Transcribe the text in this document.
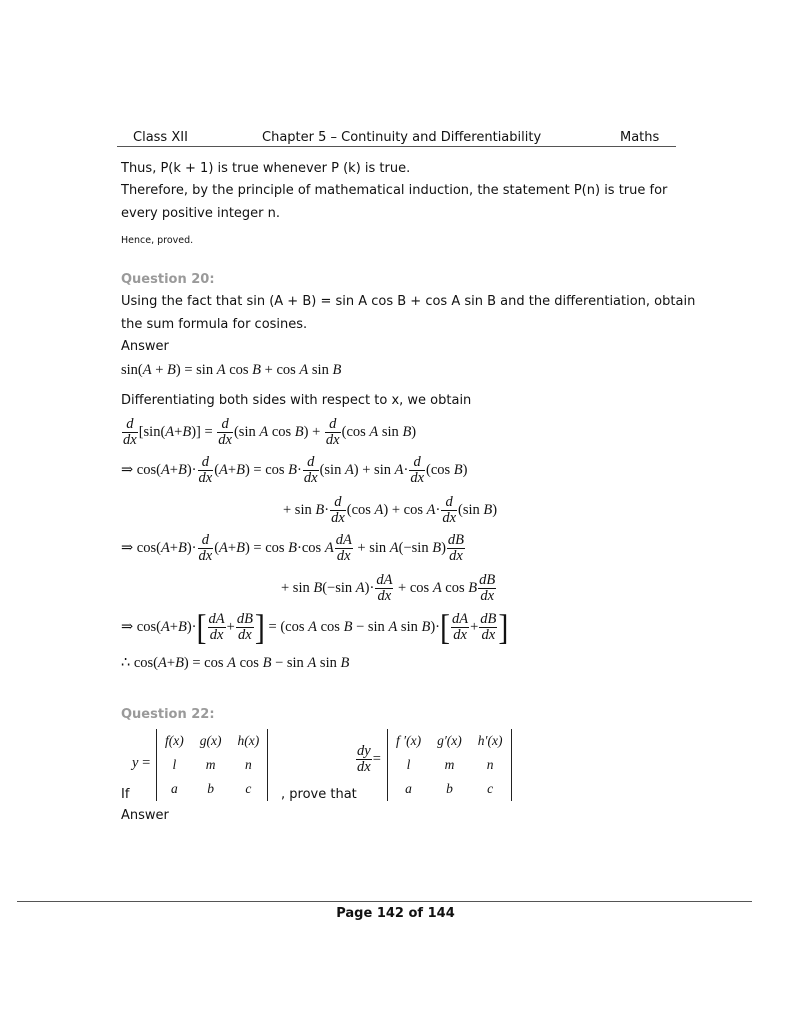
Class XII	Chapter 5 – Continuity and Differentiability	Maths
Thus, P(k + 1) is true whenever P (k) is true.
Therefore, by the principle of mathematical induction, the statement P(n) is true for
every positive integer n.
Hence, proved.
Question 20:
Using the fact that sin (A + B) = sin A cos B + cos A sin B and the differentiation, obtain
the sum formula for cosines.
Answer
sin(A + B) = sin A cos B + cos A sin B
Differentiating both sides with respect to x, we obtain
$\frac{d}{dx} [\sin(A+B)] = \frac{d}{dx} (\sin$ A $\cos B) + \frac{d}{dx} (\cos$ A sin B)
⇒ $\cos(A+B)\cdot \frac{d}{dx} (A+B) = \cos B\cdot \frac{d}{dx} (\sin$ $A) + \sin A\cdot \frac{d}{dx} (\cos$ B)
+ $\sin B\cdot \frac{d}{dx} (\cos$ $A) + \cos A\cdot \frac{d}{dx} (\sin$ B)
⇒ $\cos(A+B)\cdot \frac{d}{dx} (A+B) = \cos B\cdot\cos$ A $\frac{dA}{dx} + \sin A(-\sin$ $B) \frac{dB}{dx}$
+ sin B(−sin $A)\cdot \frac{dA}{dx} + \cos A$ cos B $\frac{dB}{dx}$
⇒ $\cos(A+B)\cdot[ \frac{dA}{dx} + \frac{dB}{dx}$ ] = (cos A cos B − sin A $\sin B)\cdot[ \frac{dA}{dx} + \frac{dB}{dx}$ ]
∴ cos(A+B) = cos A cos B − sin A sin B
Question 22:
y =
f(x)	g(x)	h(x)
l	m	n
a	b	c
If	, prove that
$\frac{dy}{dx}$ =
f ′(x)	g′(x)	h′(x)
l	m	n
a	b	c
Answer
Page 142 of 144
